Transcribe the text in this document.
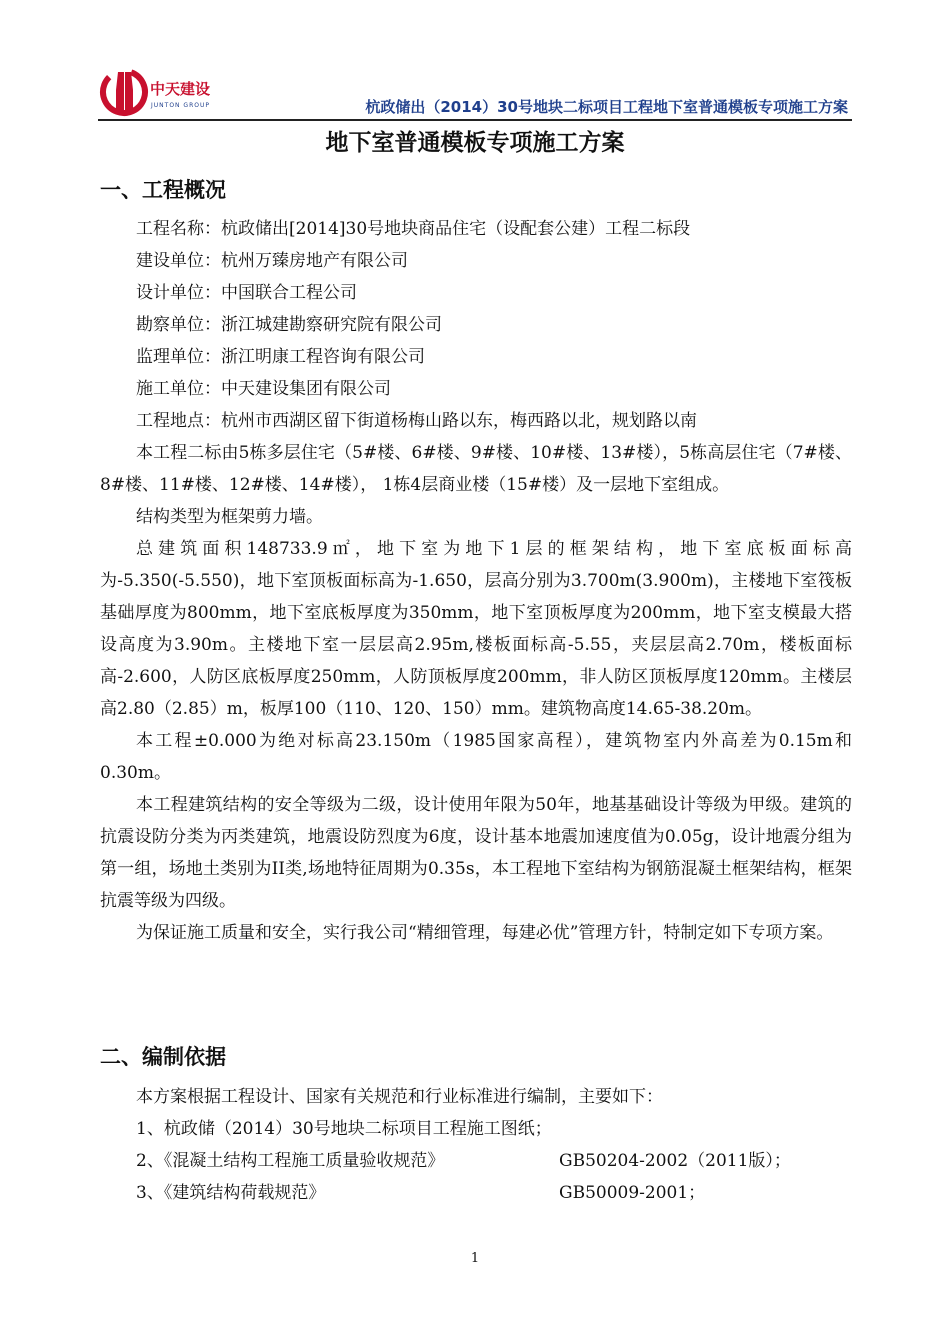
中天建设
JUNTON GROUP	杭政储出（2014）30号地块二标项目工程地下室普通模板专项施工方案
地下室普通模板专项施工方案
一、工程概况
工程名称：杭政储出[2014]30号地块商品住宅（设配套公建）工程二标段
建设单位：杭州万臻房地产有限公司
设计单位：中国联合工程公司
勘察单位：浙江城建勘察研究院有限公司
监理单位：浙江明康工程咨询有限公司
施工单位：中天建设集团有限公司
工程地点：杭州市西湖区留下街道杨梅山路以东，梅西路以北，规划路以南
本工程二标由5栋多层住宅（5#楼、6#楼、9#楼、10#楼、13#楼），5栋高层住宅（7#楼、8#楼、11#楼、12#楼、14#楼）， 1栋4层商业楼（15#楼）及一层地下室组成。
结构类型为框架剪力墙。
总建筑面积148733.9㎡，地下室为地下1层的框架结构，地下室底板面标高为-5.350(-5.550)，地下室顶板面标高为-1.650，层高分别为3.700m(3.900m)，主楼地下室筏板基础厚度为800mm，地下室底板厚度为350mm，地下室顶板厚度为200mm，地下室支模最大搭设高度为3.90m。主楼地下室一层层高2.95m,楼板面标高-5.55，夹层层高2.70m，楼板面标高-2.600，人防区底板厚度250mm，人防顶板厚度200mm，非人防区顶板厚度120mm。主楼层高2.80（2.85）m，板厚100（110、120、150）mm。建筑物高度14.65-38.20m。
本工程±0.000为绝对标高23.150m（1985国家高程），建筑物室内外高差为0.15m和0.30m。
本工程建筑结构的安全等级为二级，设计使用年限为50年，地基基础设计等级为甲级。建筑的抗震设防分类为丙类建筑，地震设防烈度为6度，设计基本地震加速度值为0.05g，设计地震分组为第一组，场地土类别为II类,场地特征周期为0.35s，本工程地下室结构为钢筋混凝土框架结构，框架抗震等级为四级。
为保证施工质量和安全，实行我公司“精细管理，每建必优”管理方针，特制定如下专项方案。
二、编制依据
本方案根据工程设计、国家有关规范和行业标准进行编制，主要如下：
1、杭政储（2014）30号地块二标项目工程施工图纸；
2、《混凝土结构工程施工质量验收规范》	GB50204-2002（2011版）；
3、《建筑结构荷载规范》	GB50009-2001；
1
